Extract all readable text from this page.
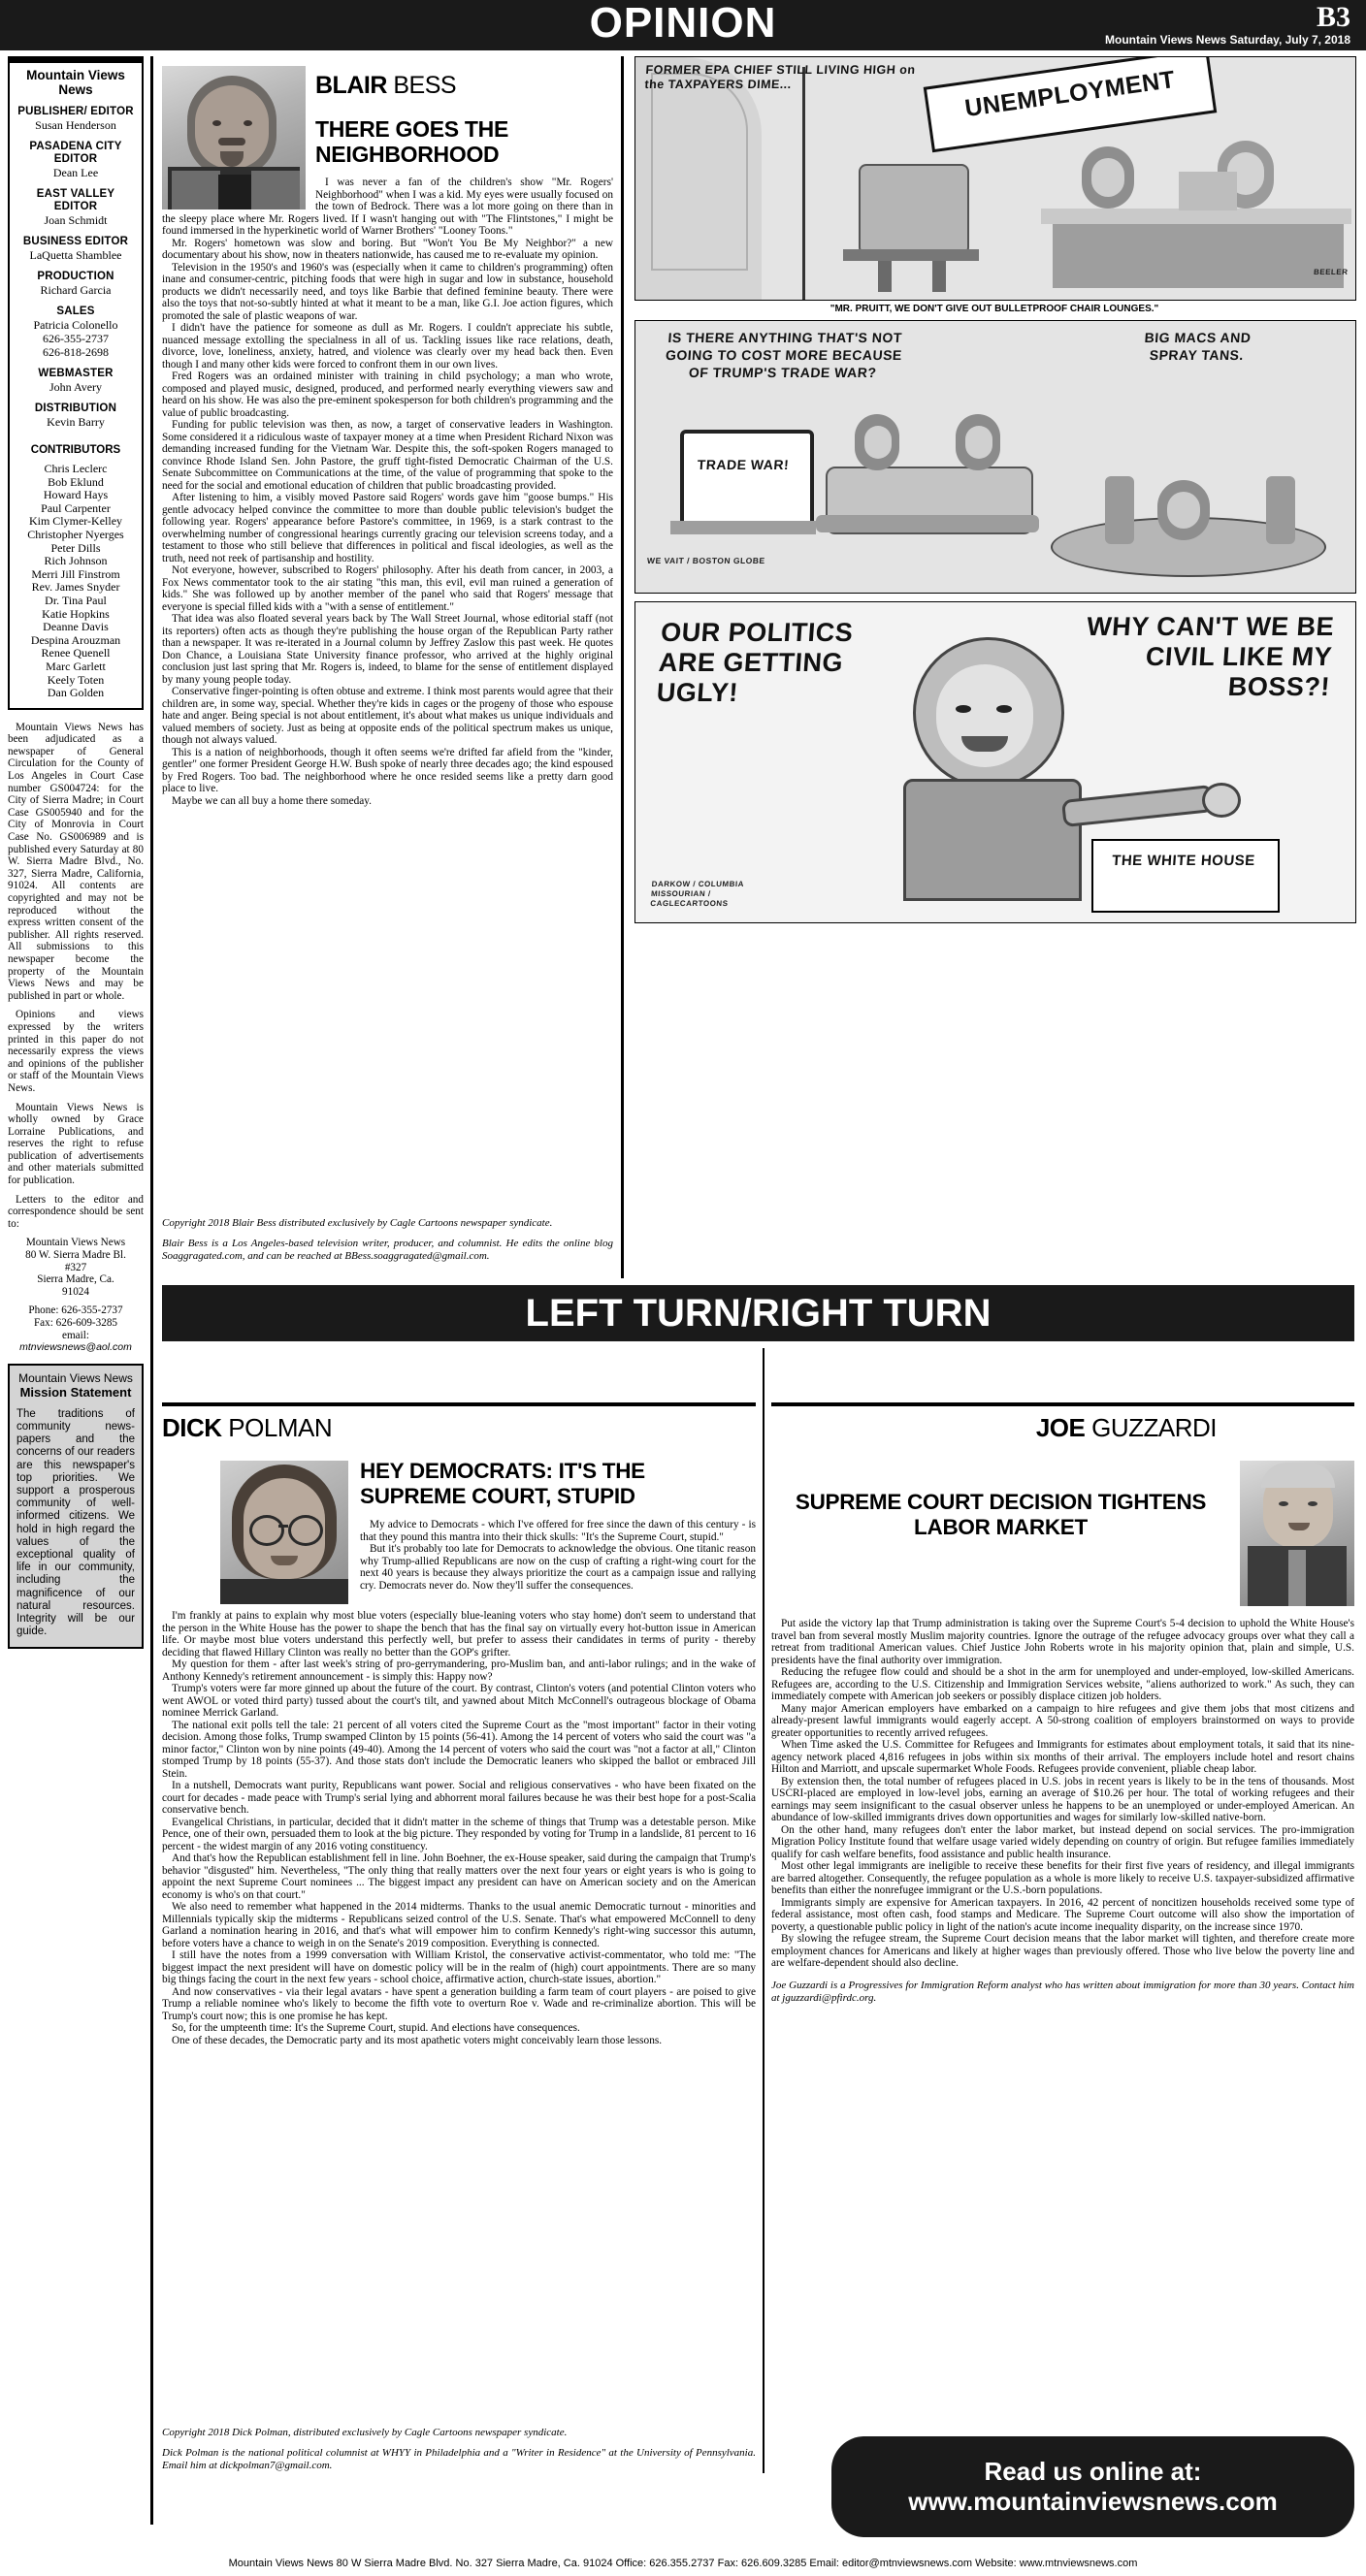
OPINION	B3
Mountain Views News Saturday, July 7, 2018
Mountain Views
News
PUBLISHER/ EDITOR
Susan Henderson
PASADENA CITY
EDITOR
Dean Lee
EAST VALLEY EDITOR
Joan Schmidt
BUSINESS EDITOR
LaQuetta Shamblee
PRODUCTION
Richard Garcia
SALES
Patricia Colonello
626-355-2737
626-818-2698
WEBMASTER
John Avery
DISTRIBUTION
Kevin Barry
CONTRIBUTORS
Chris Leclerc
Bob Eklund
Howard Hays
Paul Carpenter
Kim Clymer-Kelley
Christopher Nyerges
Peter Dills
Rich Johnson
Merri Jill Finstrom
Rev. James Snyder
Dr. Tina Paul
Katie Hopkins
Deanne Davis
Despina Arouzman
Renee Quenell
Marc Garlett
Keely Toten
Dan Golden

Mountain Views News has been adjudicated as a newspaper of General Circulation for the County of Los Angeles in Court Case number GS004724: for the City of Sierra Madre; in Court Case GS005940 and for the City of Monrovia in Court Case No. GS006989 and is published every Saturday at 80 W. Sierra Madre Blvd., No. 327, Sierra Madre, California, 91024. All contents are copyrighted and may not be reproduced without the express written consent of the publisher. All rights reserved. All submissions to this newspaper become the property of the Mountain Views News and may be published in part or whole.

Opinions and views expressed by the writers printed in this paper do not necessarily express the views and opinions of the publisher or staff of the Mountain Views News.

Mountain Views News is wholly owned by Grace Lorraine Publications, and reserves the right to refuse publication of advertisements and other materials submitted for publication.

Letters to the editor and correspondence should be sent to:

Mountain Views News

80 W. Sierra Madre Bl.

#327

Sierra Madre, Ca.

91024

Phone: 626-355-2737

Fax: 626-609-3285

email:

mtnviewsnews@aol.com

Mountain Views News
Mission Statement
The traditions of community news-papers and the concerns of our readers are this newspaper's top priorities. We support a prosperous community of well-informed citizens. We hold in high regard the values of the exceptional quality of life in our community, including the magnificence of our natural resources. Integrity will be our guide.
BLAIR BESS
THERE GOES THE NEIGHBORHOOD

I was never a fan of the children's show "Mr. Rogers' Neighborhood" when I was a kid. My eyes were usually focused on the town of Bedrock. There was a lot more going on there than in the sleepy place where Mr. Rogers lived. If I wasn't hanging out with "The Flintstones," I might be found immersed in the hyperkinetic world of Warner Brothers' "Looney Toons."

Mr. Rogers' hometown was slow and boring. But "Won't You Be My Neighbor?" a new documentary about his show, now in theaters nationwide, has caused me to re-evaluate my opinion.

Television in the 1950's and 1960's was (especially when it came to children's programming) often inane and consumer-centric, pitching foods that were high in sugar and low in substance, household products we didn't necessarily need, and toys like Barbie that defined feminine beauty. There were also the toys that not-so-subtly hinted at what it meant to be a man, like G.I. Joe action figures, which promoted the sale of plastic weapons of war.

I didn't have the patience for someone as dull as Mr. Rogers. I couldn't appreciate his subtle, nuanced message extolling the specialness in all of us. Tackling issues like race relations, death, divorce, love, loneliness, anxiety, hatred, and violence was clearly over my head back then. Even though I and many other kids were forced to confront them in our own lives.

Fred Rogers was an ordained minister with training in child psychology; a man who wrote, composed and played music, designed, produced, and performed nearly everything viewers saw and heard on his show. He was also the pre-eminent spokesperson for both children's programming and the value of public broadcasting.

Funding for public television was then, as now, a target of conservative leaders in Washington. Some considered it a ridiculous waste of taxpayer money at a time when President Richard Nixon was demanding increased funding for the Vietnam War. Despite this, the soft-spoken Rogers managed to convince Rhode Island Sen. John Pastore, the gruff tight-fisted Democratic Chairman of the U.S. Senate Subcommittee on Communications at the time, of the value of programming that spoke to the need for the social and emotional education of children that public broadcasting provided.

After listening to him, a visibly moved Pastore said Rogers' words gave him "goose bumps." His gentle advocacy helped convince the committee to more than double public television's budget the following year. Rogers' appearance before Pastore's committee, in 1969, is a stark contrast to the overwhelming number of congressional hearings currently gracing our television screens today, and a testament to those who still believe that differences in political and fiscal ideologies, as well as the truth, need not reek of partisanship and hostility.

Not everyone, however, subscribed to Rogers' philosophy. After his death from cancer, in 2003, a Fox News commentator took to the air stating "this man, this evil, evil man ruined a generation of kids." She was followed up by another member of the panel who said that Rogers' message that everyone is special filled kids with a "with a sense of entitlement."

That idea was also floated several years back by The Wall Street Journal, whose editorial staff (not its reporters) often acts as though they're publishing the house organ of the Republican Party rather than a newspaper. It was re-iterated in a Journal column by Jeffrey Zaslow this past week. He quotes Don Chance, a Louisiana State University finance professor, who arrived at the highly original conclusion just last spring that Mr. Rogers is, indeed, to blame for the sense of entitlement displayed by many young people today.

Conservative finger-pointing is often obtuse and extreme. I think most parents would agree that their children are, in some way, special. Whether they're kids in cages or the progeny of those who espouse hate and anger. Being special is not about entitlement, it's about what makes us unique individuals and valued members of society. Just as being at opposite ends of the political spectrum makes us unique, though not always valued.

This is a nation of neighborhoods, though it often seems we're drifted far afield from the "kinder, gentler" one former President George H.W. Bush spoke of nearly three decades ago; the kind espoused by Fred Rogers. Too bad. The neighborhood where he once resided seems like a pretty darn good place to live.

Maybe we can all buy a home there someday.

Copyright 2018 Blair Bess distributed exclusively by Cagle Cartoons newspaper syndicate.

Blair Bess is a Los Angeles-based television writer, producer, and columnist. He edits the online blog Soaggragated.com, and can be reached at BBess.soaggragated@gmail.com.

UNEMPLOYMENT
FORMER EPA CHIEF STILL LIVING HIGH on the TAXPAYERS DIME...
BEELER
"MR. PRUITT, WE DON'T GIVE OUT BULLETPROOF CHAIR LOUNGES."
IS THERE ANYTHING THAT'S NOT GOING TO COST MORE BECAUSE OF TRUMP'S TRADE WAR?
BIG MACS AND SPRAY TANS.
TRADE WAR!
WE VAIT / BOSTON GLOBE
OUR POLITICS ARE GETTING UGLY!
WHY CAN'T WE BE CIVIL LIKE MY BOSS?!
THE WHITE HOUSE
DARKOW / COLUMBIA MISSOURIAN / CAGLECARTOONS
LEFT TURN/RIGHT TURN
DICK POLMAN
HEY DEMOCRATS: IT'S THE SUPREME COURT, STUPID

My advice to Democrats - which I've offered for free since the dawn of this century - is that they pound this mantra into their thick skulls: "It's the Supreme Court, stupid."

But it's probably too late for Democrats to acknowledge the obvious. One titanic reason why Trump-allied Republicans are now on the cusp of crafting a right-wing court for the next 40 years is because they always prioritize the court as a campaign issue and rallying cry. Democrats never do. Now they'll suffer the consequences.

I'm frankly at pains to explain why most blue voters (especially blue-leaning voters who stay home) don't seem to understand that the person in the White House has the power to shape the bench that has the final say on virtually every hot-button issue in American life. Or maybe most blue voters understand this perfectly well, but prefer to assess their candidates in terms of purity - thereby deciding that flawed Hillary Clinton was really no better than the GOP's grifter.

My question for them - after last week's string of pro-gerrymandering, pro-Muslim ban, and anti-labor rulings; and in the wake of Anthony Kennedy's retirement announcement - is simply this: Happy now?

Trump's voters were far more ginned up about the future of the court. By contrast, Clinton's voters (and potential Clinton voters who went AWOL or voted third party) tussed about the court's tilt, and yawned about Mitch McConnell's outrageous blockage of Obama nominee Merrick Garland.

The national exit polls tell the tale: 21 percent of all voters cited the Supreme Court as the "most important" factor in their voting decision. Among those folks, Trump swamped Clinton by 15 points (56-41). Among the 14 percent of voters who said the court was "a minor factor," Clinton won by nine points (49-40). Among the 14 percent of voters who said the court was "not a factor at all," Clinton stomped Trump by 18 points (55-37). And those stats don't include the Democratic leaners who skipped the ballot or embraced Jill Stein.

In a nutshell, Democrats want purity, Republicans want power. Social and religious conservatives - who have been fixated on the court for decades - made peace with Trump's serial lying and abhorrent moral failures because he was their best hope for a post-Scalia conservative bench.

Evangelical Christians, in particular, decided that it didn't matter in the scheme of things that Trump was a detestable person. Mike Pence, one of their own, persuaded them to look at the big picture. They responded by voting for Trump in a landslide, 81 percent to 16 percent - the widest margin of any 2016 voting constituency.

And that's how the Republican establishment fell in line. John Boehner, the ex-House speaker, said during the campaign that Trump's behavior "disgusted" him. Nevertheless, "The only thing that really matters over the next four years or eight years is who is going to appoint the next Supreme Court nominees ... The biggest impact any president can have on American society and on the American economy is who's on that court."

We also need to remember what happened in the 2014 midterms. Thanks to the usual anemic Democratic turnout - minorities and Millennials typically skip the midterms - Republicans seized control of the U.S. Senate. That's what empowered McConnell to deny Garland a nomination hearing in 2016, and that's what will empower him to confirm Kennedy's right-wing successor this autumn, before voters have a chance to weigh in on the Senate's 2019 composition. Everything is connected.

I still have the notes from a 1999 conversation with William Kristol, the conservative activist-commentator, who told me: "The biggest impact the next president will have on domestic policy will be in the realm of (high) court appointments. There are so many big things facing the court in the next few years - school choice, affirmative action, church-state issues, abortion."

And now conservatives - via their legal avatars - have spent a generation building a farm team of court players - are poised to give Trump a reliable nominee who's likely to become the fifth vote to overturn Roe v. Wade and re-criminalize abortion. This will be Trump's court now; this is one promise he has kept.

So, for the umpteenth time: It's the Supreme Court, stupid. And elections have consequences.

One of these decades, the Democratic party and its most apathetic voters might conceivably learn those lessons.

Copyright 2018 Dick Polman, distributed exclusively by Cagle Cartoons newspaper syndicate.

Dick Polman is the national political columnist at WHYY in Philadelphia and a "Writer in Residence" at the University of Pennsylvania. Email him at dickpolman7@gmail.com.

JOE GUZZARDI
SUPREME COURT DECISION TIGHTENS LABOR MARKET

Put aside the victory lap that Trump administration is taking over the Supreme Court's 5-4 decision to uphold the White House's travel ban from several mostly Muslim majority countries. Ignore the outrage of the refugee advocacy groups over what they call a retreat from traditional American values. Chief Justice John Roberts wrote in his majority opinion that, plain and simple, U.S. presidents have the final authority over immigration.

Reducing the refugee flow could and should be a shot in the arm for unemployed and under-employed, low-skilled Americans. Refugees are, according to the U.S. Citizenship and Immigration Services website, "aliens authorized to work." As such, they can immediately compete with American job seekers or possibly displace citizen job holders.

Many major American employers have embarked on a campaign to hire refugees and give them jobs that most citizens and already-present lawful immigrants would eagerly accept. A 50-strong coalition of employers brainstormed on ways to provide greater opportunities to recently arrived refugees.

When Time asked the U.S. Committee for Refugees and Immigrants for estimates about employment totals, it said that its nine-agency network placed 4,816 refugees in jobs within six months of their arrival. The employers include hotel and resort chains Hilton and Marriott, and upscale supermarket Whole Foods. Refugees provide convenient, pliable cheap labor.

By extension then, the total number of refugees placed in U.S. jobs in recent years is likely to be in the tens of thousands. Most USCRI-placed are employed in low-level jobs, earning an average of $10.26 per hour. The total of working refugees and their earnings may seem insignificant to the casual observer unless he happens to be an unemployed or under-employed American. An abundance of low-skilled immigrants drives down opportunities and wages for similarly low-skilled native-born.

On the other hand, many refugees don't enter the labor market, but instead depend on social services. The pro-immigration Migration Policy Institute found that welfare usage varied widely depending on country of origin. But refugee families immediately qualify for cash welfare benefits, food assistance and public health insurance.

Most other legal immigrants are ineligible to receive these benefits for their first five years of residency, and illegal immigrants are barred altogether. Consequently, the refugee population as a whole is more likely to receive U.S. taxpayer-subsidized affirmative benefits than either the nonrefugee immigrant or the U.S.-born populations.

Immigrants simply are expensive for American taxpayers. In 2016, 42 percent of noncitizen households received some type of federal assistance, most often cash, food stamps and Medicare. The Supreme Court outcome will also show the importation of poverty, a questionable public policy in light of the nation's acute income inequality disparity, on the increase since 1970.

By slowing the refugee stream, the Supreme Court decision means that the labor market will tighten, and therefore create more employment chances for Americans and likely at higher wages than previously offered. Those who live below the poverty line and are welfare-dependent should also decline.

Joe Guzzardi is a Progressives for Immigration Reform analyst who has written about immigration for more than 30 years. Contact him at jguzzardi@pfirdc.org.

Read us online at:
www.mountainviewsnews.com
Mountain Views News 80 W Sierra Madre Blvd. No. 327 Sierra Madre, Ca. 91024 Office: 626.355.2737 Fax: 626.609.3285 Email: editor@mtnviewsnews.com Website: www.mtnviewsnews.com
